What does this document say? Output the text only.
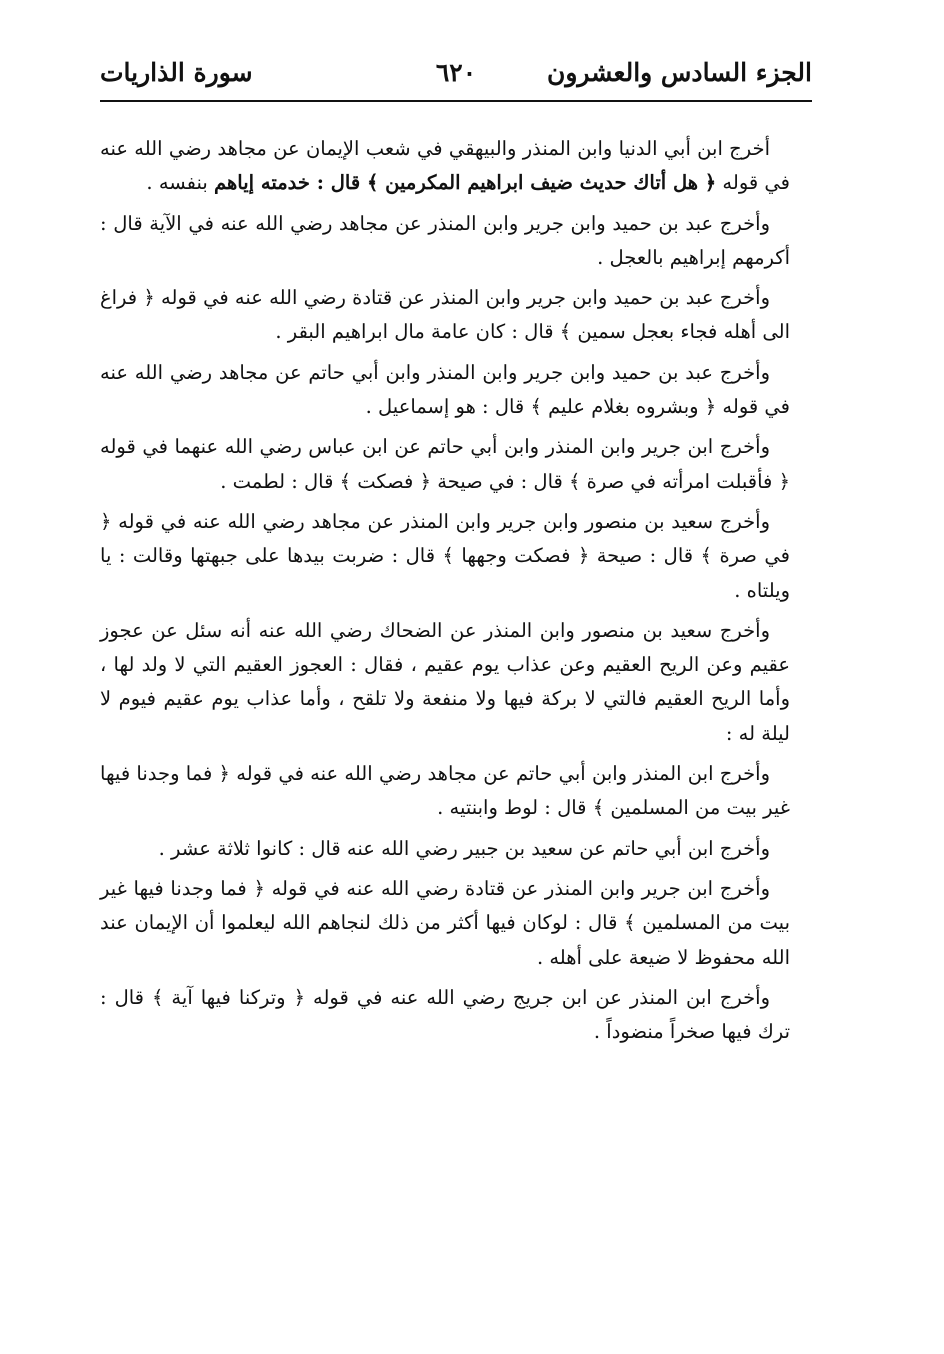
الجزء السادس والعشرون
٦٢٠
سورة الذاريات

أخرج ابن أبي الدنيا وابن المنذر والبيهقي في شعب الإيمان عن مجاهد رضي الله عنه في قوله ﴿ هل أتاك حديث ضيف ابراهيم المكرمين ﴾ قال : خدمته إياهم بنفسه .

وأخرج عبد بن حميد وابن جرير وابن المنذر عن مجاهد رضي الله عنه في الآية قال : أكرمهم إبراهيم بالعجل .

وأخرج عبد بن حميد وابن جرير وابن المنذر عن قتادة رضي الله عنه في قوله ﴿ فراغ الى أهله فجاء بعجل سمين ﴾ قال : كان عامة مال ابراهيم البقر .

وأخرج عبد بن حميد وابن جرير وابن المنذر وابن أبي حاتم عن مجاهد رضي الله عنه في قوله ﴿ وبشروه بغلام عليم ﴾ قال : هو إسماعيل .

وأخرج ابن جرير وابن المنذر وابن أبي حاتم عن ابن عباس رضي الله عنهما في قوله ﴿ فأقبلت امرأته في صرة ﴾ قال : في صيحة ﴿ فصكت ﴾ قال : لطمت .

وأخرج سعيد بن منصور وابن جرير وابن المنذر عن مجاهد رضي الله عنه في قوله ﴿ في صرة ﴾ قال : صيحة ﴿ فصكت وجهها ﴾ قال : ضربت بيدها على جبهتها وقالت : يا ويلتاه .

وأخرج سعيد بن منصور وابن المنذر عن الضحاك رضي الله عنه أنه سئل عن عجوز عقيم وعن الريح العقيم وعن عذاب يوم عقيم ، فقال : العجوز العقيم التي لا ولد لها ، وأما الريح العقيم فالتي لا بركة فيها ولا منفعة ولا تلقح ، وأما عذاب يوم عقيم فيوم لا ليلة له :

وأخرج ابن المنذر وابن أبي حاتم عن مجاهد رضي الله عنه في قوله ﴿ فما وجدنا فيها غير بيت من المسلمين ﴾ قال : لوط وابنتيه .

وأخرج ابن أبي حاتم عن سعيد بن جبير رضي الله عنه قال : كانوا ثلاثة عشر .

وأخرج ابن جرير وابن المنذر عن قتادة رضي الله عنه في قوله ﴿ فما وجدنا فيها غير بيت من المسلمين ﴾ قال : لوكان فيها أكثر من ذلك لنجاهم الله ليعلموا أن الإيمان عند الله محفوظ لا ضيعة على أهله .

وأخرج ابن المنذر عن ابن جريج رضي الله عنه في قوله ﴿ وتركنا فيها آية ﴾ قال : ترك فيها صخراً منضوداً .
